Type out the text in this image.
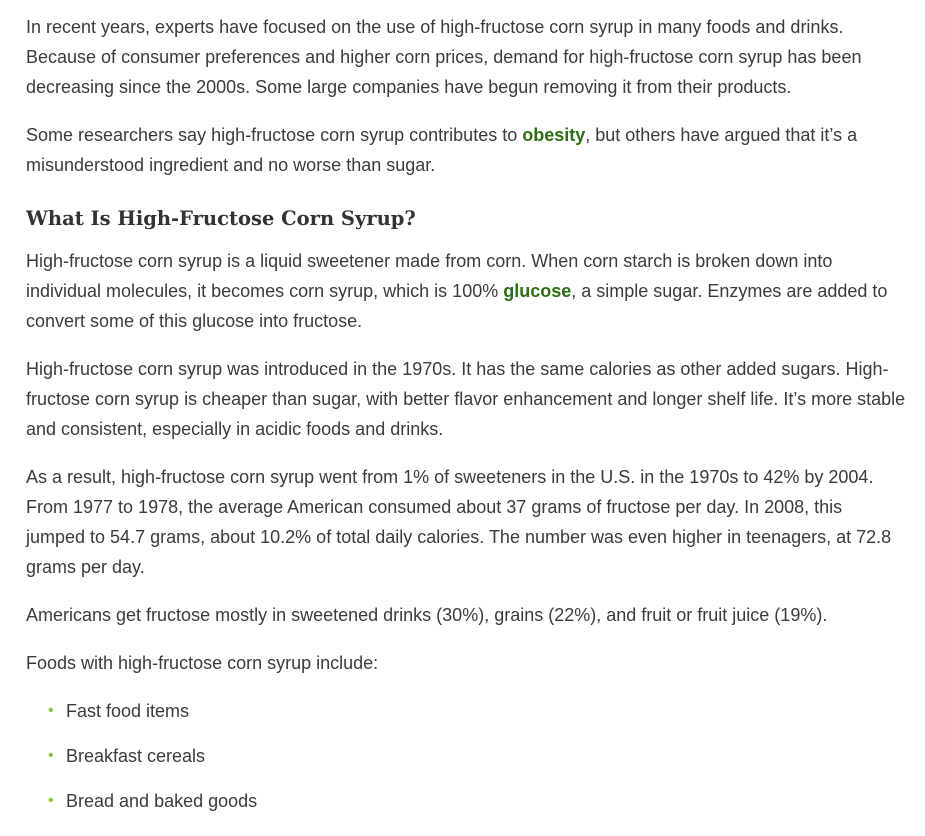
In recent years, experts have focused on the use of high-fructose corn syrup in many foods and drinks. Because of consumer preferences and higher corn prices, demand for high-fructose corn syrup has been decreasing since the 2000s. Some large companies have begun removing it from their products.

Some researchers say high-fructose corn syrup contributes to obesity, but others have argued that it’s a misunderstood ingredient and no worse than sugar.

What Is High-Fructose Corn Syrup?

High-fructose corn syrup is a liquid sweetener made from corn. When corn starch is broken down into individual molecules, it becomes corn syrup, which is 100% glucose, a simple sugar. Enzymes are added to convert some of this glucose into fructose.

High-fructose corn syrup was introduced in the 1970s. It has the same calories as other added sugars. High-fructose corn syrup is cheaper than sugar, with better flavor enhancement and longer shelf life. It’s more stable and consistent, especially in acidic foods and drinks.

As a result, high-fructose corn syrup went from 1% of sweeteners in the U.S. in the 1970s to 42% by 2004. From 1977 to 1978, the average American consumed about 37 grams of fructose per day. In 2008, this jumped to 54.7 grams, about 10.2% of total daily calories. The number was even higher in teenagers, at 72.8 grams per day.

Americans get fructose mostly in sweetened drinks (30%), grains (22%), and fruit or fruit juice (19%).

Foods with high-fructose corn syrup include:

• Fast food items
• Breakfast cereals
• Bread and baked goods
